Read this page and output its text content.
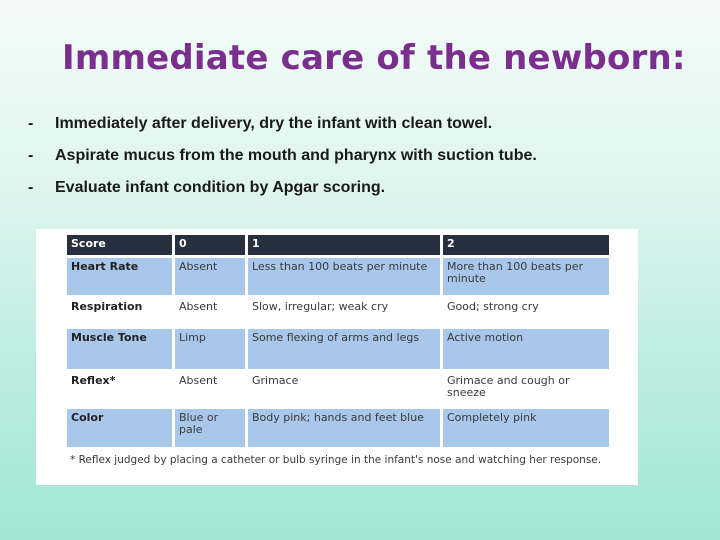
Immediate care of the newborn:
-	Immediately after delivery, dry the infant with clean towel.
-	Aspirate mucus from the mouth and pharynx with suction tube.
-	Evaluate infant condition by Apgar scoring.
Score	0	1	2
Heart Rate	Absent	Less than 100 beats per minute	More than 100 beats per minute
Respiration	Absent	Slow, irregular; weak cry	Good; strong cry
Muscle Tone	Limp	Some flexing of arms and legs	Active motion
Reflex*	Absent	Grimace	Grimace and cough or sneeze
Color	Blue or pale	Body pink; hands and feet blue	Completely pink
* Reflex judged by placing a catheter or bulb syringe in the infant's nose and watching her response.
